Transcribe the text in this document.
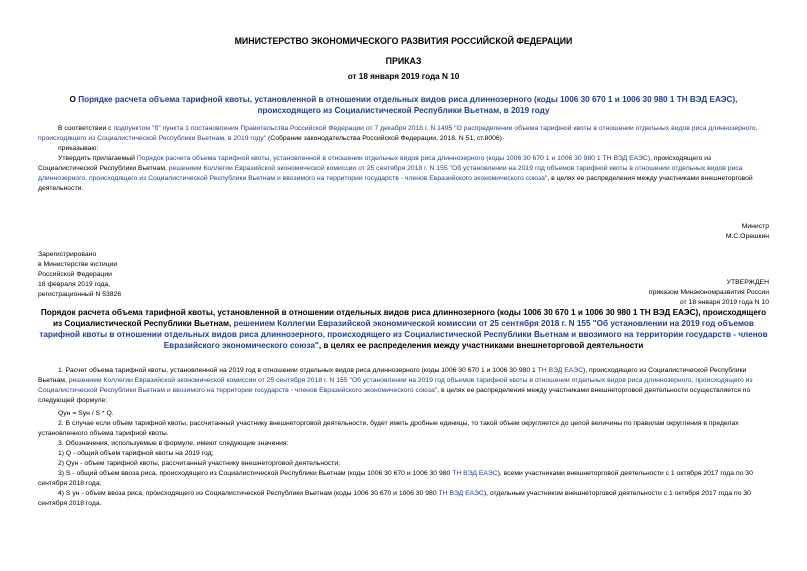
МИНИСТЕРСТВО ЭКОНОМИЧЕСКОГО РАЗВИТИЯ РОССИЙСКОЙ ФЕДЕРАЦИИ
ПРИКАЗ
от 18 января 2019 года N 10
О Порядке расчета объема тарифной квоты, установленной в отношении отдельных видов риса длиннозерного (коды 1006 30 670 1 и 1006 30 980 1 ТН ВЭД ЕАЭС),
происходящего из Социалистической Республики Вьетнам, в 2019 году

В соответствии с подпунктом "б" пункта 1 постановления Правительства Российской Федерации от 7 декабря 2018 г. N 1495 "О распределении объема тарифной квоты в отношении отдельных видов риса длиннозерного, происходящего из Социалистической Республики Вьетнам, в 2019 году" (Собрание законодательства Российской Федерации, 2018, N 51, ст.8006)

приказываю:

Утвердить прилагаемый Порядок расчета объема тарифной квоты, установленной в отношении отдельных видов риса длиннозерного (коды 1006 30 670 1 и 1006 30 980 1 ТН ВЭД ЕАЭС), происходящего из Социалистической Республики Вьетнам, решением Коллегии Евразийской экономической комиссии от 25 сентября 2018 г. N 155 "Об установлении на 2019 год объемов тарифной квоты в отношении отдельных видов риса длиннозерного, происходящего из Социалистической Республики Вьетнам и ввозимого на территории государств - членов Евразийского экономического союза", в целях ее распределения между участниками внешнеторговой деятельности.

Министр

М.С.Орешкин

Зарегистрировано

в Министерстве юстиции

Российской Федерации

18 февраля 2019 года,

регистрационный N 53826

УТВЕРЖДЕН

приказом Минэкономразвития России

от 18 января 2019 года N 10

Порядок расчета объема тарифной квоты, установленной в отношении отдельных видов риса длиннозерного (коды 1006 30 670 1 и 1006 30 980 1 ТН ВЭД ЕАЭС), происходящего из Социалистической Республики Вьетнам, решением Коллегии Евразийской экономической комиссии от 25 сентября 2018 г. N 155 "Об установлении на 2019 год объемов тарифной квоты в отношении отдельных видов риса длиннозерного, происходящего из Социалистической Республики Вьетнам и ввозимого на территории государств - членов Евразийского экономического союза", в целях ее распределения между участниками внешнеторговой деятельности

1. Расчет объема тарифной квоты, установленной на 2019 год в отношении отдельных видов риса длиннозерного (коды 1006 30 670 1 и 1006 30 980 1 ТН ВЭД ЕАЭС), происходящего из Социалистической Республики Вьетнам, решением Коллегии Евразийской экономической комиссии от 25 сентября 2018 г. N 155 "Об установлении на 2019 год объемов тарифной квоты в отношении отдельных видов риса длиннозерного, происходящего из Социалистической Республики Вьетнам и ввозимого на территории государств - членов Евразийского экономического союза", в целях ее распределения между участниками внешнеторговой деятельности осуществляется по следующей формуле:

Qун = Sун / S * Q.

2. В случае если объем тарифной квоты, рассчитанный участнику внешнеторговой деятельности, будет иметь дробные единицы, то такой объем округляется до целой величины по правилам округления в пределах установленного объема тарифной квоты.

3. Обозначения, используемые в формуле, имеют следующие значения:

1) Q - общий объем тарифной квоты на 2019 год;

2) Qун - объем тарифной квоты, рассчитанный участнику внешнеторговой деятельности;

3) S - общий объем ввоза риса, происходящего из Социалистической Республики Вьетнам (коды 1006 30 670 и 1006 30 980 ТН ВЭД ЕАЭС), всеми участниками внешнеторговой деятельности с 1 октября 2017 года по 30 сентября 2018 года;

4) S ун - объем ввоза риса, происходящего из Социалистической Республики Вьетнам (коды 1006 30 670 и 1006 30 980 ТН ВЭД ЕАЭС), отдельным участником внешнеторговой деятельности с 1 октября 2017 года по 30 сентября 2018 года.
